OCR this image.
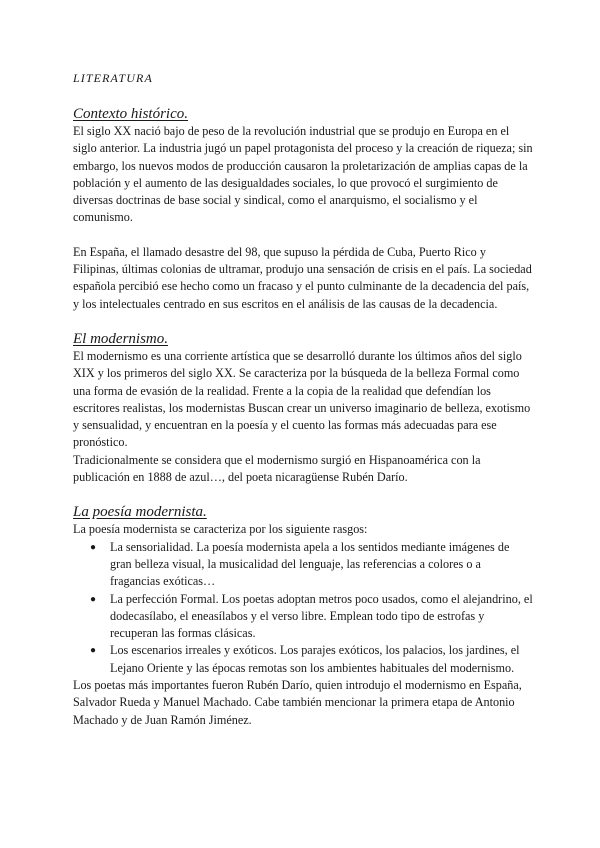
LITERATURA
Contexto histórico.

El siglo XX nació bajo de peso de la revolución industrial que se produjo en Europa en el siglo anterior. La industria jugó un papel protagonista del proceso y la creación de riqueza; sin embargo, los nuevos modos de producción causaron la proletarización de amplias capas de la población y el aumento de las desigualdades sociales, lo que provocó el surgimiento de diversas doctrinas de base social y sindical, como el anarquismo, el socialismo y el comunismo.

En España, el llamado desastre del 98, que supuso la pérdida de Cuba, Puerto Rico y Filipinas, últimas colonias de ultramar, produjo una sensación de crisis en el país. La sociedad española percibió ese hecho como un fracaso y el punto culminante de la decadencia del país, y los intelectuales centrado en sus escritos en el análisis de las causas de la decadencia.

El modernismo.

El modernismo es una corriente artística que se desarrolló durante los últimos años del siglo XIX y los primeros del siglo XX. Se caracteriza por la búsqueda de la belleza Formal como una forma de evasión de la realidad. Frente a la copia de la realidad que defendían los escritores realistas, los modernistas Buscan crear un universo imaginario de belleza, exotismo y sensualidad, y encuentran en la poesía y el cuento las formas más adecuadas para ese pronóstico.

Tradicionalmente se considera que el modernismo surgió en Hispanoamérica con la publicación en 1888 de azul…, del poeta nicaragüense Rubén Darío.

La poesía modernista.

La poesía modernista se caracteriza por los siguiente rasgos:

● La sensorialidad. La poesía modernista apela a los sentidos mediante imágenes de gran belleza visual, la musicalidad del lenguaje, las referencias a colores o a fragancias exóticas…
● La perfección Formal. Los poetas adoptan metros poco usados, como el alejandrino, el dodecasílabo, el eneasílabos y el verso libre. Emplean todo tipo de estrofas y recuperan las formas clásicas.
● Los escenarios irreales y exóticos. Los parajes exóticos, los palacios, los jardines, el Lejano Oriente y las épocas remotas son los ambientes habituales del modernismo.

Los poetas más importantes fueron Rubén Darío, quien introdujo el modernismo en España, Salvador Rueda y Manuel Machado. Cabe también mencionar la primera etapa de Antonio Machado y de Juan Ramón Jiménez.
